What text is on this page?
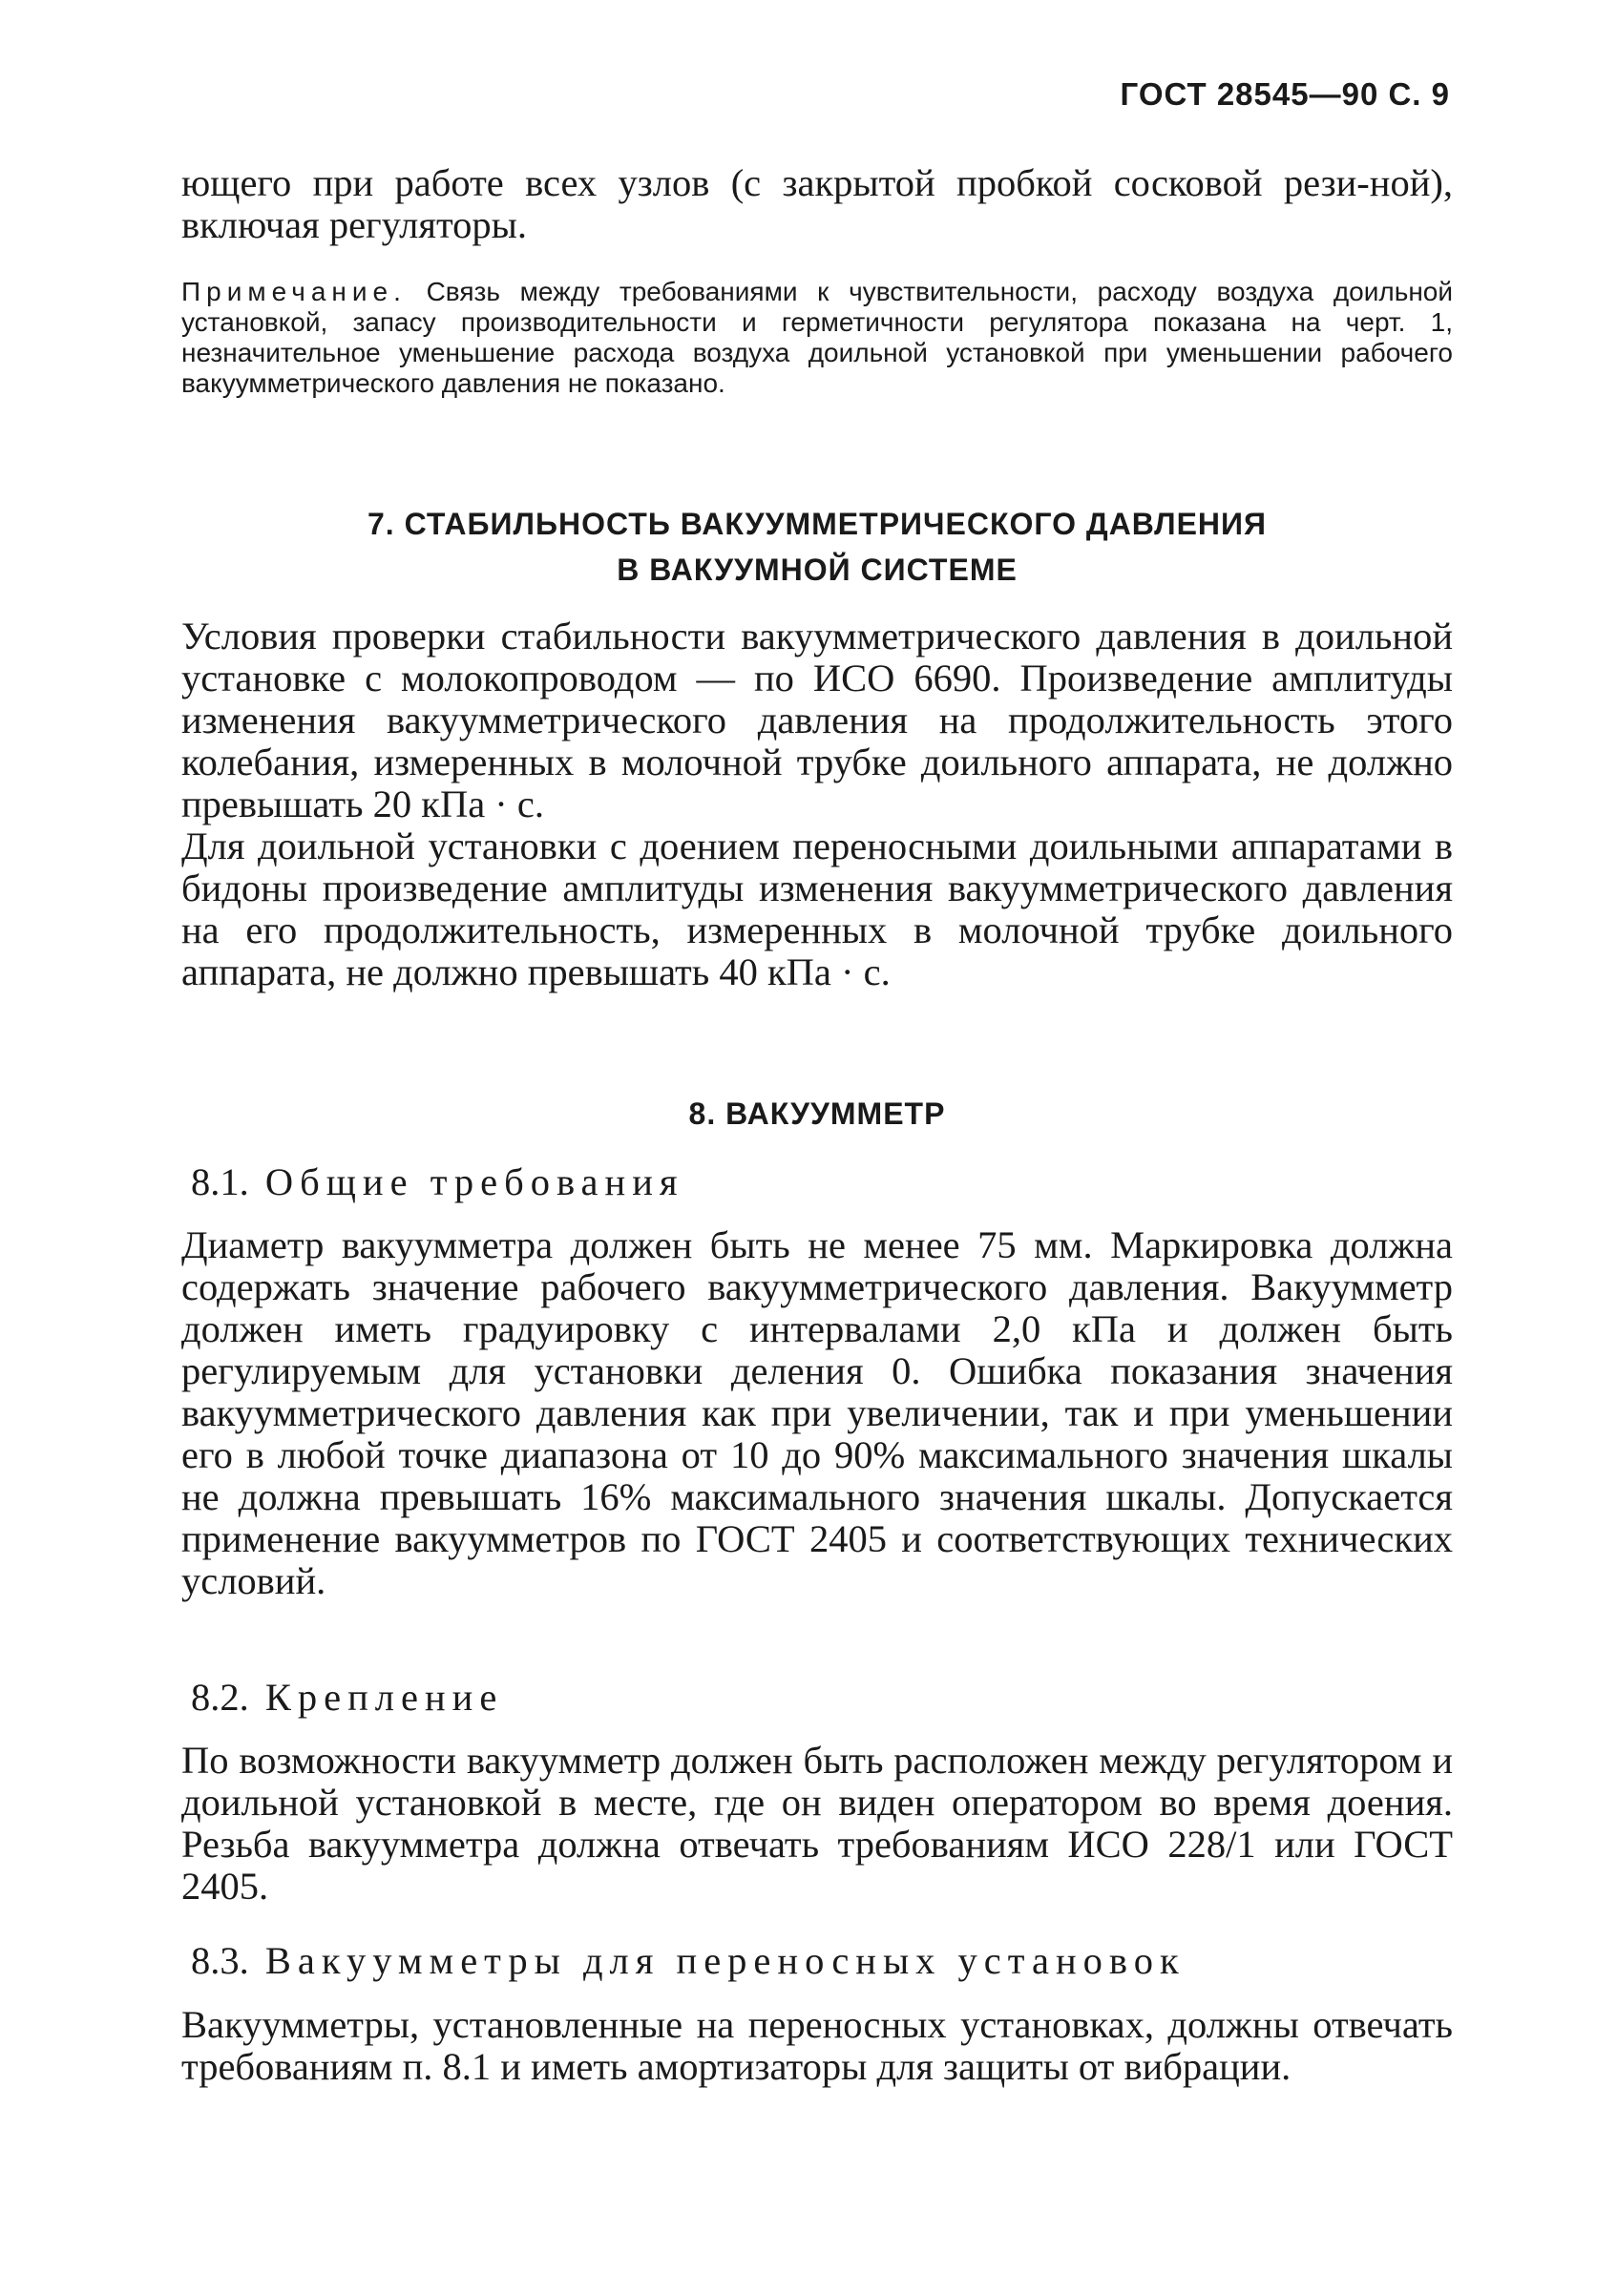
ГОСТ 28545—90 С. 9

ющего при работе всех узлов (с закрытой пробкой сосковой рези-ной), включая регуляторы.

Примечание. Связь между требованиями к чувствительности, расходу воздуха доильной установкой, запасу производительности и герметичности регулятора показана на черт. 1, незначительное уменьшение расхода воздуха доильной установкой при уменьшении рабочего вакуумметрического давления не показано.

7. СТАБИЛЬНОСТЬ ВАКУУММЕТРИЧЕСКОГО ДАВЛЕНИЯ
В ВАКУУМНОЙ СИСТЕМЕ

Условия проверки стабильности вакуумметрического давления в доильной установке с молокопроводом — по ИСО 6690. Произведение амплитуды изменения вакуумметрического давления на продолжительность этого колебания, измеренных в молочной трубке доильного аппарата, не должно превышать 20 кПа · с.

Для доильной установки с доением переносными доильными аппаратами в бидоны произведение амплитуды изменения вакуумметрического давления на его продолжительность, измеренных в молочной трубке доильного аппарата, не должно превышать 40 кПа · с.

8. ВАКУУММЕТР
8.1. Общие требования

Диаметр вакуумметра должен быть не менее 75 мм. Маркировка должна содержать значение рабочего вакуумметрического давления. Вакуумметр должен иметь градуировку с интервалами 2,0 кПа и должен быть регулируемым для установки деления 0. Ошибка показания значения вакуумметрического давления как при увеличении, так и при уменьшении его в любой точке диапазона от 10 до 90% максимального значения шкалы не должна превышать 16% максимального значения шкалы. Допускается применение вакуумметров по ГОСТ 2405 и соответствующих технических условий.

8.2. Крепление

По возможности вакуумметр должен быть расположен между регулятором и доильной установкой в месте, где он виден оператором во время доения. Резьба вакуумметра должна отвечать требованиям ИСО 228/1 или ГОСТ 2405.

8.3. Вакуумметры для переносных установок

Вакуумметры, установленные на переносных установках, должны отвечать требованиям п. 8.1 и иметь амортизаторы для защиты от вибрации.
